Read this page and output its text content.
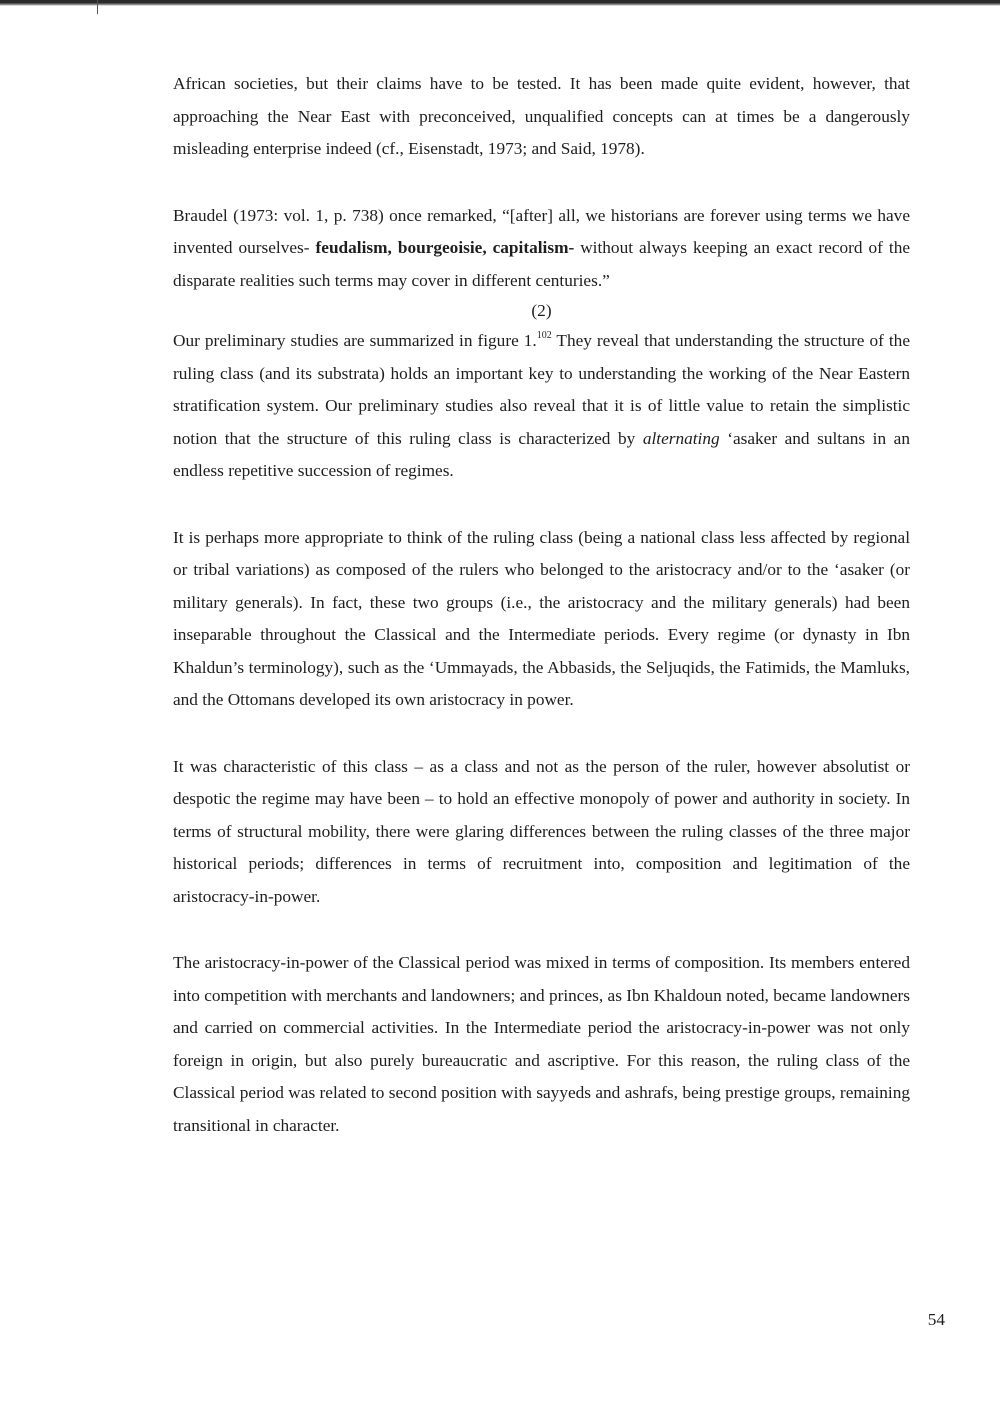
African societies, but their claims have to be tested. It has been made quite evident, however, that approaching the Near East with preconceived, unqualified concepts can at times be a dangerously misleading enterprise indeed (cf., Eisenstadt, 1973; and Said, 1978).

Braudel (1973: vol. 1, p. 738) once remarked, “[after] all, we historians are forever using terms we have invented ourselves- feudalism, bourgeoisie, capitalism- without always keeping an exact record of the disparate realities such terms may cover in different centuries.”

(2)

Our preliminary studies are summarized in figure 1.$^{102}$ They reveal that understanding the structure of the ruling class (and its substrata) holds an important key to understanding the working of the Near Eastern stratification system. Our preliminary studies also reveal that it is of little value to retain the simplistic notion that the structure of this ruling class is characterized by alternating ‘asaker and sultans in an endless repetitive succession of regimes.

It is perhaps more appropriate to think of the ruling class (being a national class less affected by regional or tribal variations) as composed of the rulers who belonged to the aristocracy and/or to the ‘asaker (or military generals). In fact, these two groups (i.e., the aristocracy and the military generals) had been inseparable throughout the Classical and the Intermediate periods. Every regime (or dynasty in Ibn Khaldun’s terminology), such as the ‘Ummayads, the Abbasids, the Seljuqids, the Fatimids, the Mamluks, and the Ottomans developed its own aristocracy in power.

It was characteristic of this class – as a class and not as the person of the ruler, however absolutist or despotic the regime may have been – to hold an effective monopoly of power and authority in society. In terms of structural mobility, there were glaring differences between the ruling classes of the three major historical periods; differences in terms of recruitment into, composition and legitimation of the aristocracy-in-power.

The aristocracy-in-power of the Classical period was mixed in terms of composition. Its members entered into competition with merchants and landowners; and princes, as Ibn Khaldoun noted, became landowners and carried on commercial activities. In the Intermediate period the aristocracy-in-power was not only foreign in origin, but also purely bureaucratic and ascriptive. For this reason, the ruling class of the Classical period was related to second position with sayyeds and ashrafs, being prestige groups, remaining transitional in character.

54
